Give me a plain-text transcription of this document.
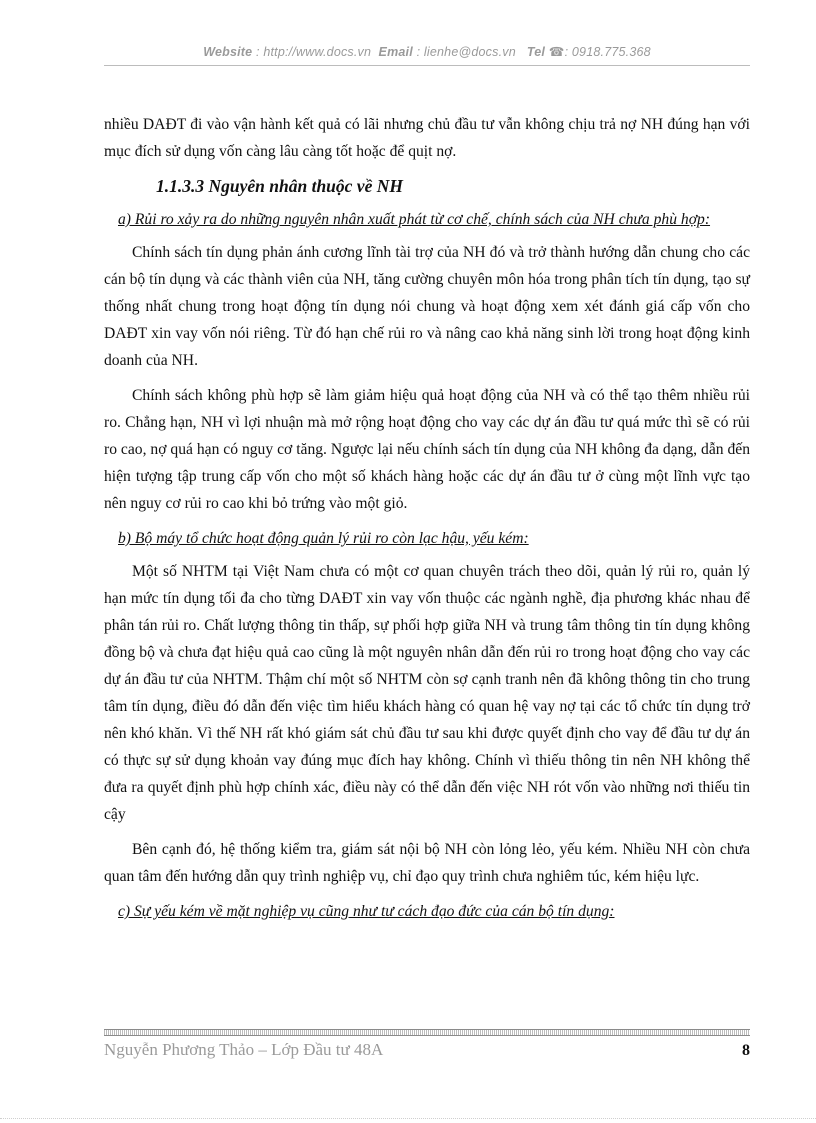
Website : http://www.docs.vn Email : lienhe@docs.vn Tel ☎: 0918.775.368

nhiều DAĐT đi vào vận hành kết quả có lãi nhưng chủ đầu tư vẫn không chịu trả nợ NH đúng hạn với mục đích sử dụng vốn càng lâu càng tốt hoặc để quịt nợ.

1.1.3.3 Nguyên nhân thuộc về NH

a) Rủi ro xảy ra do những nguyên nhân xuất phát từ cơ chế, chính sách của NH chưa phù hợp:

Chính sách tín dụng phản ánh cương lĩnh tài trợ của NH đó và trở thành hướng dẫn chung cho các cán bộ tín dụng và các thành viên của NH, tăng cường chuyên môn hóa trong phân tích tín dụng, tạo sự thống nhất chung trong hoạt động tín dụng nói chung và hoạt động xem xét đánh giá cấp vốn cho DAĐT xin vay vốn nói riêng. Từ đó hạn chế rủi ro và nâng cao khả năng sinh lời trong hoạt động kinh doanh của NH.

Chính sách không phù hợp sẽ làm giảm hiệu quả hoạt động của NH và có thể tạo thêm nhiều rủi ro. Chẳng hạn, NH vì lợi nhuận mà mở rộng hoạt động cho vay các dự án đầu tư quá mức thì sẽ có rủi ro cao, nợ quá hạn có nguy cơ tăng. Ngược lại nếu chính sách tín dụng của NH không đa dạng, dẫn đến hiện tượng tập trung cấp vốn cho một số khách hàng hoặc các dự án đầu tư ở cùng một lĩnh vực tạo nên nguy cơ rủi ro cao khi bỏ trứng vào một giỏ.

b) Bộ máy tổ chức hoạt động quản lý rủi ro còn lạc hậu, yếu kém:

Một số NHTM tại Việt Nam chưa có một cơ quan chuyên trách theo dõi, quản lý rủi ro, quản lý hạn mức tín dụng tối đa cho từng DAĐT xin vay vốn thuộc các ngành nghề, địa phương khác nhau để phân tán rủi ro. Chất lượng thông tin thấp, sự phối hợp giữa NH và trung tâm thông tin tín dụng không đồng bộ và chưa đạt hiệu quả cao cũng là một nguyên nhân dẫn đến rủi ro trong hoạt động cho vay các dự án đầu tư của NHTM. Thậm chí một số NHTM còn sợ cạnh tranh nên đã không thông tin cho trung tâm tín dụng, điều đó dẫn đến việc tìm hiểu khách hàng có quan hệ vay nợ tại các tổ chức tín dụng trở nên khó khăn. Vì thế NH rất khó giám sát chủ đầu tư sau khi được quyết định cho vay để đầu tư dự án có thực sự sử dụng khoản vay đúng mục đích hay không. Chính vì thiếu thông tin nên NH không thể đưa ra quyết định phù hợp chính xác, điều này có thể dẫn đến việc NH rót vốn vào những nơi thiếu tin cậy

Bên cạnh đó, hệ thống kiểm tra, giám sát nội bộ NH còn lỏng lẻo, yếu kém. Nhiều NH còn chưa quan tâm đến hướng dẫn quy trình nghiệp vụ, chỉ đạo quy trình chưa nghiêm túc, kém hiệu lực.

c) Sự yếu kém về mặt nghiệp vụ cũng như tư cách đạo đức của cán bộ tín dụng:

Nguyễn Phương Thảo – Lớp Đầu tư 48A	8
